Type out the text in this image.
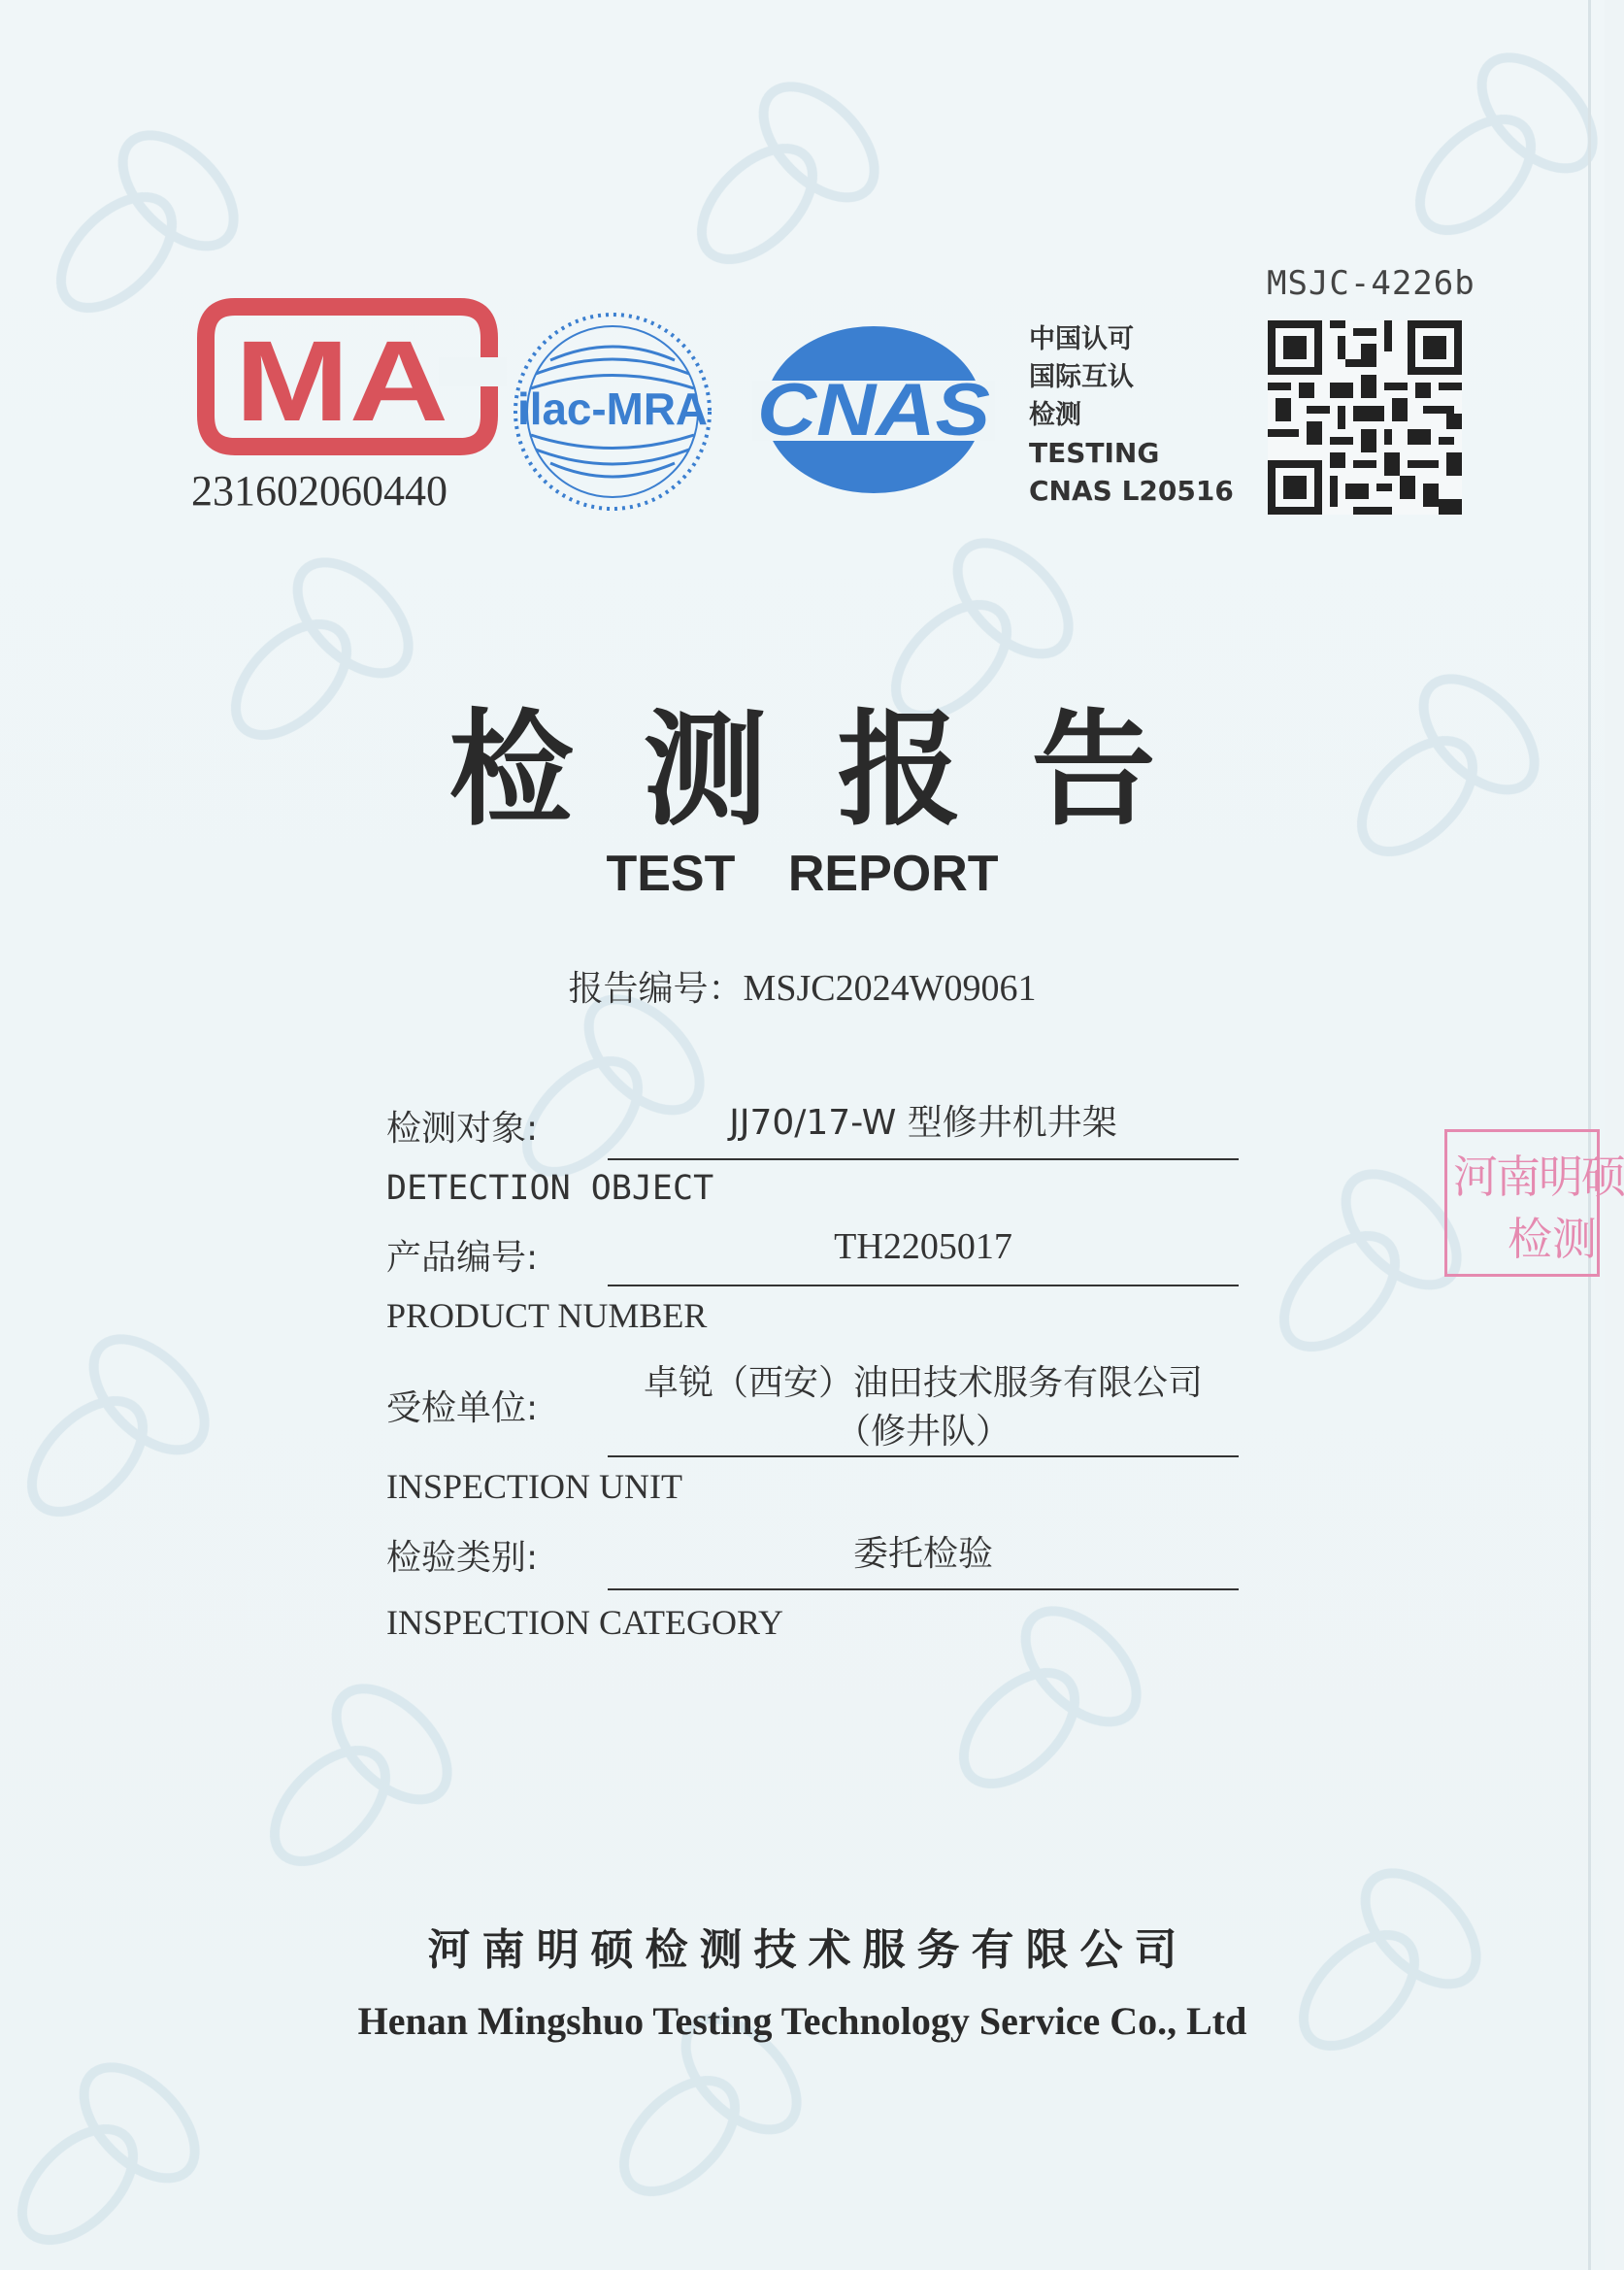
MSJC-4226b
MA
231602060440
ilac-MRA CNAS
中国认可
国际互认
检测
TESTING
CNAS L20516
检测报告
TEST REPORT
报告编号：MSJC2024W09061
检测对象:	JJ70/17-W 型修井机井架
DETECTION OBJECT
产品编号:	TH2205017
PRODUCT NUMBER
受检单位:
卓锐（西安）油田技术服务有限公司
（修井队）
INSPECTION UNIT
检验类别:	委托检验
INSPECTION CATEGORY
河南明硕
检测
河南明硕检测技术服务有限公司
Henan Mingshuo Testing Technology Service Co., Ltd
